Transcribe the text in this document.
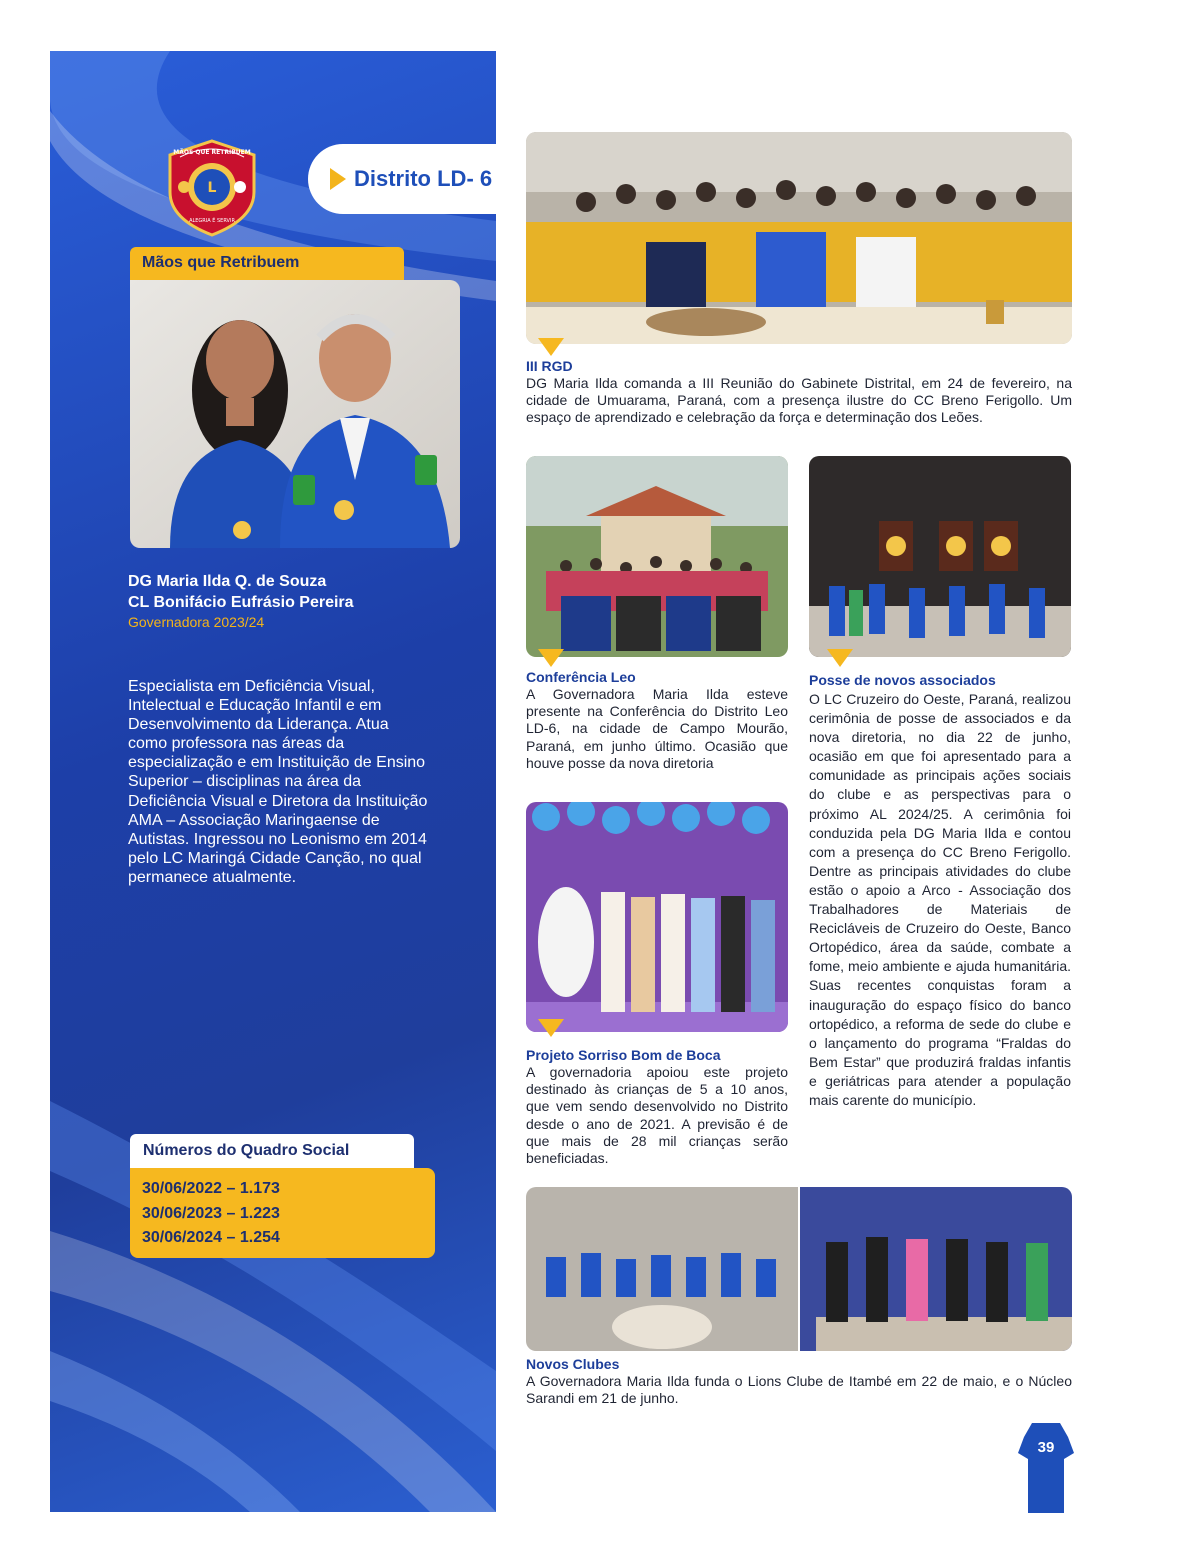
L
MÃOS QUE RETRIBUEM
ALEGRIA É SERVIR
Distrito LD- 6
Mãos que Retribuem
DG Maria Ilda Q. de Souza
CL Bonifácio Eufrásio Pereira
Governadora 2023/24
Especialista em Deficiência Visual, Intelectual e Educação Infantil e em Desenvolvimento da Liderança. Atua como professora nas áreas da especialização e em Instituição de Ensino Superior – disciplinas na área da Deficiência Visual e Diretora da Instituição AMA – Associação Maringaense de Autistas. Ingressou no Leonismo em 2014 pelo LC Maringá Cidade Canção, no qual permanece atualmente.
Números do Quadro Social
30/06/2022 – 1.173
30/06/2023 – 1.223
30/06/2024 – 1.254
III RGD
DG Maria Ilda comanda a III Reunião do Gabinete Distrital, em 24 de fevereiro, na cidade de Umuarama, Paraná, com a presença ilustre do CC Breno Ferigollo. Um espaço de aprendizado e celebração da força e determinação dos Leões.
Conferência Leo
A Governadora Maria Ilda esteve presente na Conferência do Distrito Leo LD-6, na cidade de Campo Mourão, Paraná, em junho último. Ocasião que houve posse da nova diretoria
Posse de novos associados
O LC Cruzeiro do Oeste, Paraná, realizou cerimônia de posse de associados e da nova diretoria, no dia 22 de junho, ocasião em que foi apresentado para a comunidade as principais ações sociais do clube e as perspectivas para o próximo AL 2024/25. A cerimônia foi conduzida pela DG Maria Ilda e contou com a presença do CC Breno Ferigollo. Dentre as principais atividades do clube estão o apoio a Arco - Associação dos Trabalhadores de Materiais de Recicláveis de Cruzeiro do Oeste, Banco Ortopédico, área da saúde, combate a fome, meio ambiente e ajuda humanitária. Suas recentes conquistas foram a inauguração do espaço físico do banco ortopédico, a reforma de sede do clube e o lançamento do programa “Fraldas do Bem Estar” que produzirá fraldas infantis e geriátricas para atender a população mais carente do município.
Projeto Sorriso Bom de Boca
A governadoria apoiou este projeto destinado às crianças de 5 a 10 anos, que vem sendo desenvolvido no Distrito desde o ano de 2021. A previsão é de que mais de 28 mil crianças serão beneficiadas.
Novos Clubes
A Governadora Maria Ilda funda o Lions Clube de Itambé em 22 de maio, e o Núcleo Sarandi em 21 de junho.
39
